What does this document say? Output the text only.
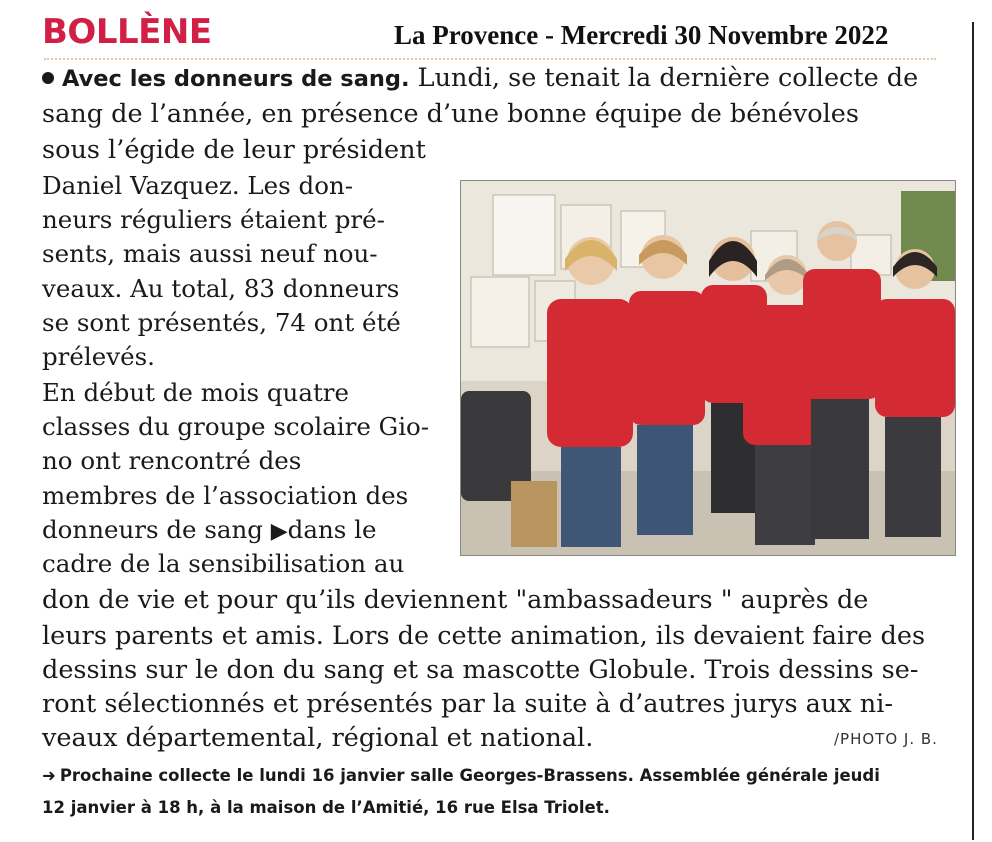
BOLLÈNE	La Provence - Mercredi 30 Novembre 2022
Avec les donneurs de sang. Lundi, se tenait la dernière collecte de
sang de l’année, en présence d’une bonne équipe de bénévoles
sous l’égide de leur président
Daniel Vazquez. Les don-
neurs réguliers étaient pré-
sents, mais aussi neuf nou-
veaux. Au total, 83 donneurs
se sont présentés, 74 ont été
prélevés.
En début de mois quatre
classes du groupe scolaire Gio-
no ont rencontré des
membres de l’association des
donneurs de sang ▶dans le
cadre de la sensibilisation au
don de vie et pour qu’ils deviennent "ambassadeurs " auprès de
leurs parents et amis. Lors de cette animation, ils devaient faire des
dessins sur le don du sang et sa mascotte Globule. Trois dessins se-
ront sélectionnés et présentés par la suite à d’autres jurys aux ni-
veaux départemental, régional et national.	/PHOTO J. B.
➜ Prochaine collecte le lundi 16 janvier salle Georges-Brassens. Assemblée générale jeudi
12 janvier à 18 h, à la maison de l’Amitié, 16 rue Elsa Triolet.
